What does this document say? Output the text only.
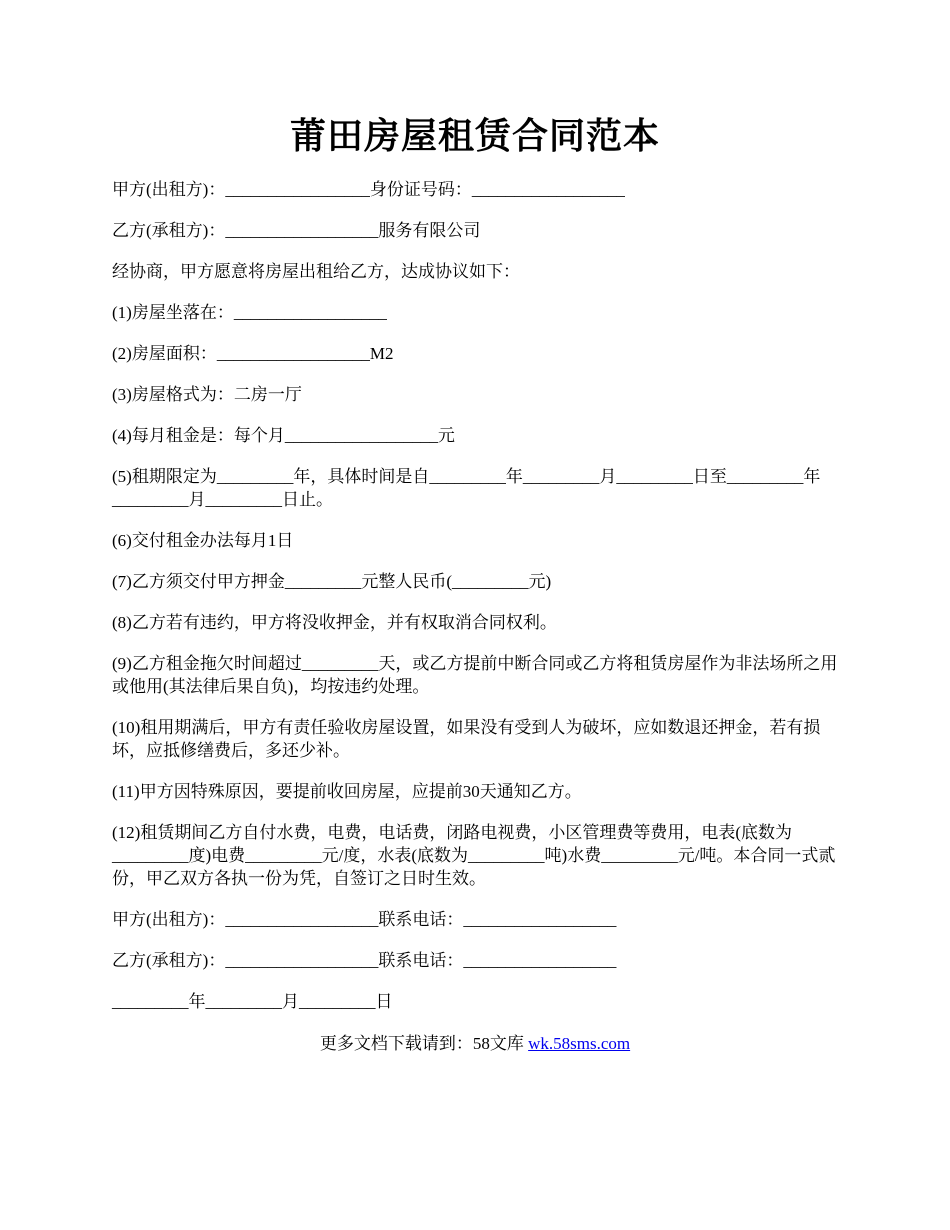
莆田房屋租赁合同范本

甲方(出租方)：_________________身份证号码：__________________

乙方(承租方)：__________________服务有限公司

经协商，甲方愿意将房屋出租给乙方，达成协议如下：

(1)房屋坐落在：__________________

(2)房屋面积：__________________M2

(3)房屋格式为：二房一厅

(4)每月租金是：每个月__________________元

(5)租期限定为_________年，具体时间是自_________年_________月_________日至_________年_________月_________日止。

(6)交付租金办法每月1日

(7)乙方须交付甲方押金_________元整人民币(_________元)

(8)乙方若有违约，甲方将没收押金，并有权取消合同权利。

(9)乙方租金拖欠时间超过_________天，或乙方提前中断合同或乙方将租赁房屋作为非法场所之用或他用(其法律后果自负)，均按违约处理。

(10)租用期满后，甲方有责任验收房屋设置，如果没有受到人为破坏，应如数退还押金，若有损坏，应抵修缮费后，多还少补。

(11)甲方因特殊原因，要提前收回房屋，应提前30天通知乙方。

(12)租赁期间乙方自付水费，电费，电话费，闭路电视费，小区管理费等费用，电表(底数为_________度)电费_________元/度，水表(底数为_________吨)水费_________元/吨。本合同一式贰份，甲乙双方各执一份为凭，自签订之日时生效。

甲方(出租方)：__________________联系电话：__________________

乙方(承租方)：__________________联系电话：__________________

_________年_________月_________日

更多文档下载请到：58文库 wk.58sms.com
